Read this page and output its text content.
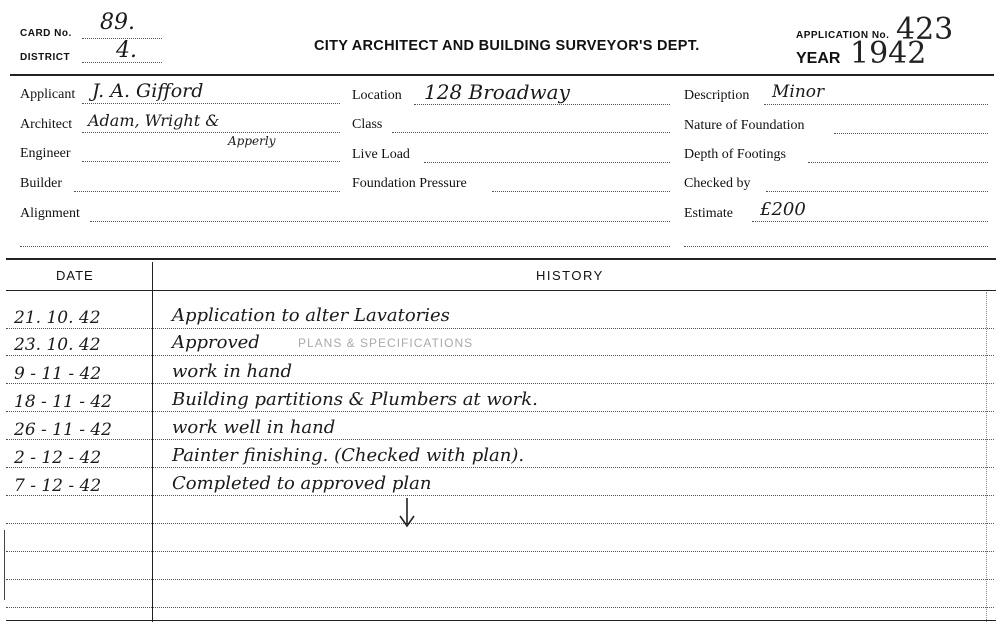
CARD No. 89.
DISTRICT 4.	CITY ARCHITECT AND BUILDING SURVEYOR'S DEPT.
APPLICATION No. 423
YEAR 1942
Applicant J. A. Gifford
Architect Adam, Wright &
Apperly
Engineer
Builder
Alignment
Location 128 Broadway
Class
Live Load
Foundation Pressure
Description Minor
Nature of Foundation
Depth of Footings
Checked by
Estimate £200
DATE	HISTORY
21. 10. 42	Application to alter Lavatories
23. 10. 42	Approved	PLANS & SPECIFICATIONS
9 - 11 - 42	work in hand
18 - 11 - 42	Building partitions & Plumbers at work.
26 - 11 - 42	work well in hand
2 - 12 - 42	Painter finishing. (Checked with plan).
7 - 12 - 42	Completed to approved plan
